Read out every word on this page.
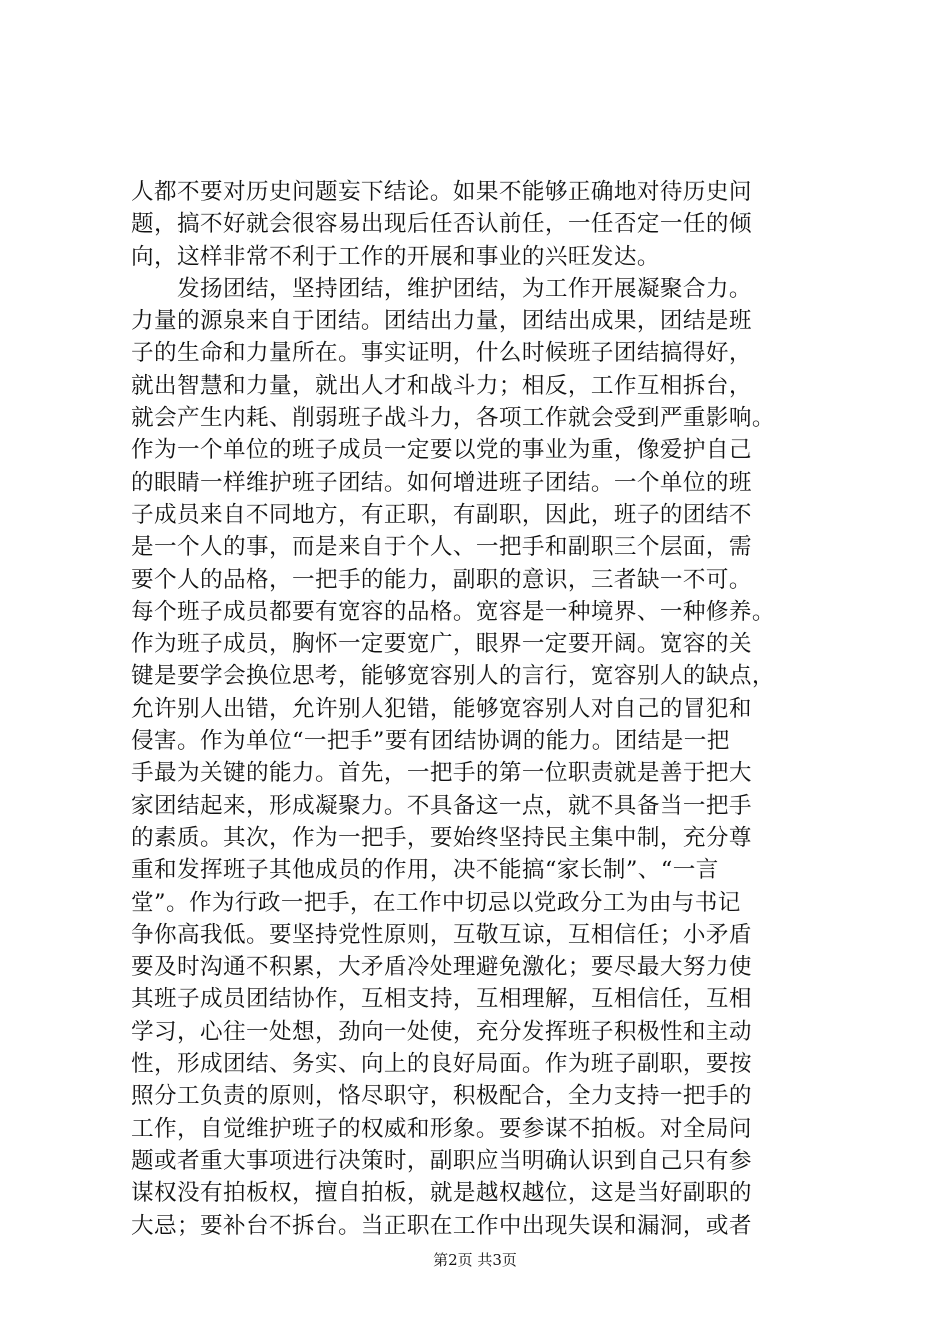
人都不要对历史问题妄下结论。如果不能够正确地对待历史问
题，搞不好就会很容易出现后任否认前任，一任否定一任的倾
向，这样非常不利于工作的开展和事业的兴旺发达。
　　发扬团结，坚持团结，维护团结，为工作开展凝聚合力。
力量的源泉来自于团结。团结出力量，团结出成果，团结是班
子的生命和力量所在。事实证明，什么时候班子团结搞得好，
就出智慧和力量，就出人才和战斗力；相反，工作互相拆台，
就会产生内耗、削弱班子战斗力，各项工作就会受到严重影响。
作为一个单位的班子成员一定要以党的事业为重，像爱护自己
的眼睛一样维护班子团结。如何增进班子团结。一个单位的班
子成员来自不同地方，有正职，有副职，因此，班子的团结不
是一个人的事，而是来自于个人、一把手和副职三个层面，需
要个人的品格，一把手的能力，副职的意识，三者缺一不可。
每个班子成员都要有宽容的品格。宽容是一种境界、一种修养。
作为班子成员，胸怀一定要宽广，眼界一定要开阔。宽容的关
键是要学会换位思考，能够宽容别人的言行，宽容别人的缺点，
允许别人出错，允许别人犯错，能够宽容别人对自己的冒犯和
侵害。作为单位“一把手”要有团结协调的能力。团结是一把
手最为关键的能力。首先，一把手的第一位职责就是善于把大
家团结起来，形成凝聚力。不具备这一点，就不具备当一把手
的素质。其次，作为一把手，要始终坚持民主集中制，充分尊
重和发挥班子其他成员的作用，决不能搞“家长制”、“一言
堂”。作为行政一把手，在工作中切忌以党政分工为由与书记
争你高我低。要坚持党性原则，互敬互谅，互相信任；小矛盾
要及时沟通不积累，大矛盾冷处理避免激化；要尽最大努力使
其班子成员团结协作，互相支持，互相理解，互相信任，互相
学习，心往一处想，劲向一处使，充分发挥班子积极性和主动
性，形成团结、务实、向上的良好局面。作为班子副职，要按
照分工负责的原则，恪尽职守，积极配合，全力支持一把手的
工作，自觉维护班子的权威和形象。要参谋不拍板。对全局问
题或者重大事项进行决策时，副职应当明确认识到自己只有参
谋权没有拍板权，擅自拍板，就是越权越位，这是当好副职的
大忌；要补台不拆台。当正职在工作中出现失误和漏洞，或者
第2页 共3页
